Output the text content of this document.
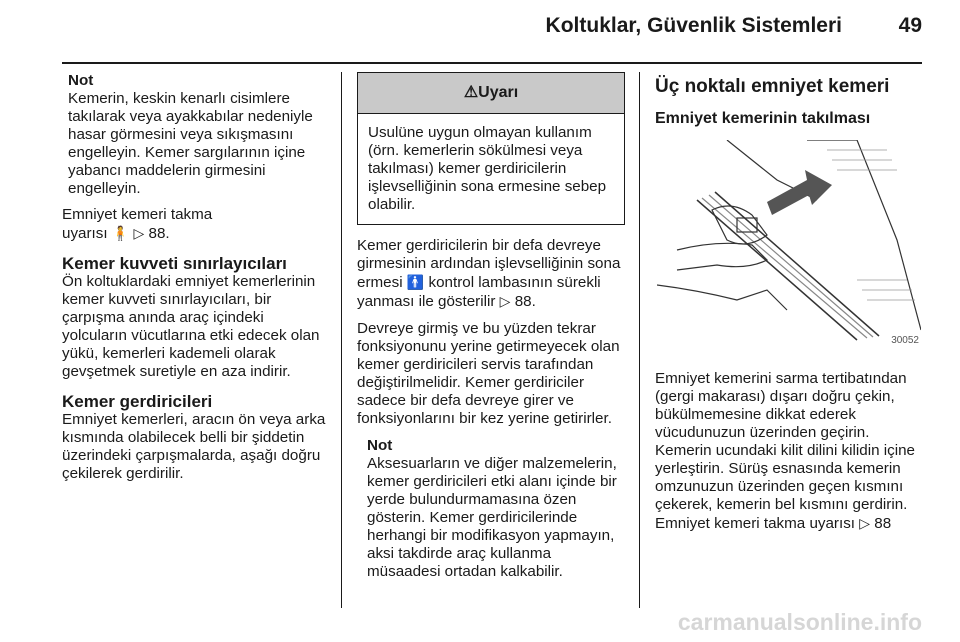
Koltuklar, Güvenlik Sistemleri	49
Not
Kemerin, keskin kenarlı cisimlere takılarak veya ayakkabılar nedeniyle hasar görmesini veya sıkışmasını engelleyin. Kemer sargılarının içine yabancı maddelerin girmesini engelleyin.

Emniyet kemeri takma
uyarısı 🧍 ▷ 88.

Kemer kuvveti sınırlayıcıları

Ön koltuklardaki emniyet kemerlerinin kemer kuvveti sınırlayıcıları, bir çarpışma anında araç içindeki yolcuların vücutlarına etki edecek olan yükü, kemerleri kademeli olarak gevşetmek suretiyle en aza indirir.

Kemer gerdiricileri

Emniyet kemerleri, aracın ön veya arka kısmında olabilecek belli bir şiddetin üzerindeki çarpışmalarda, aşağı doğru çekilerek gerdirilir.

⚠Uyarı
Usulüne uygun olmayan kullanım (örn. kemerlerin sökülmesi veya takılması) kemer gerdiricilerin işlevselliğinin sona ermesine sebep olabilir.

Kemer gerdiricilerin bir defa devreye girmesinin ardından işlevselliğinin sona ermesi 🚹 kontrol lambasının sürekli yanması ile gösterilir ▷ 88.

Devreye girmiş ve bu yüzden tekrar fonksiyonunu yerine getirmeyecek olan kemer gerdiricileri servis tarafından değiştirilmelidir. Kemer gerdiriciler sadece bir defa devreye girer ve fonksiyonlarını bir kez yerine getirirler.

Not
Aksesuarların ve diğer malzemelerin, kemer gerdiricileri etki alanı içinde bir yerde bulundurmamasına özen gösterin. Kemer gerdiricilerinde herhangi bir modifikasyon yapmayın, aksi takdirde araç kullanma müsaadesi ortadan kalkabilir.
Üç noktalı emniyet kemeri
Emniyet kemerinin takılması
30052

Emniyet kemerini sarma tertibatından (gergi makarası) dışarı doğru çekin, bükülmemesine dikkat ederek vücudunuzun üzerinden geçirin. Kemerin ucundaki kilit dilini kilidin içine yerleştirin. Sürüş esnasında kemerin omzunuzun üzerinden geçen kısmını çekerek, kemerin bel kısmını gerdirin. Emniyet kemeri takma uyarısı ▷ 88

carmanualsonline.info
